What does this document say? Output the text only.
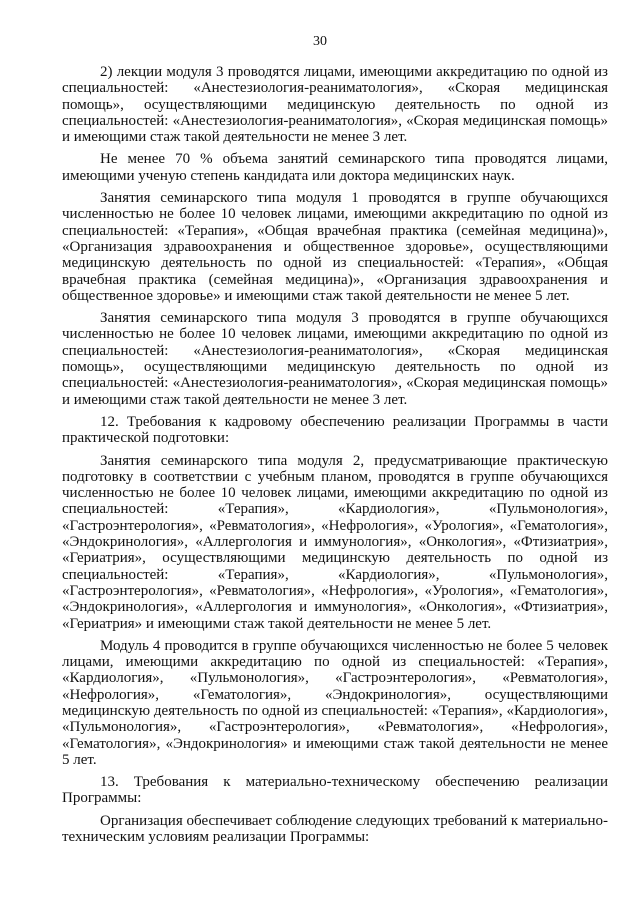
30

2) лекции модуля 3 проводятся лицами, имеющими аккредитацию по одной из специальностей: «Анестезиология-реаниматология», «Скорая медицинская помощь», осуществляющими медицинскую деятельность по одной из специальностей: «Анестезиология-реаниматология», «Скорая медицинская помощь» и имеющими стаж такой деятельности не менее 3 лет.

Не менее 70 % объема занятий семинарского типа проводятся лицами, имеющими ученую степень кандидата или доктора медицинских наук.

Занятия семинарского типа модуля 1 проводятся в группе обучающихся численностью не более 10 человек лицами, имеющими аккредитацию по одной из специальностей: «Терапия», «Общая врачебная практика (семейная медицина)», «Организация здравоохранения и общественное здоровье», осуществляющими медицинскую деятельность по одной из специальностей: «Терапия», «Общая врачебная практика (семейная медицина)», «Организация здравоохранения и общественное здоровье» и имеющими стаж такой деятельности не менее 5 лет.

Занятия семинарского типа модуля 3 проводятся в группе обучающихся численностью не более 10 человек лицами, имеющими аккредитацию по одной из специальностей: «Анестезиология-реаниматология», «Скорая медицинская помощь», осуществляющими медицинскую деятельность по одной из специальностей: «Анестезиология-реаниматология», «Скорая медицинская помощь» и имеющими стаж такой деятельности не менее 3 лет.

12. Требования к кадровому обеспечению реализации Программы в части практической подготовки:

Занятия семинарского типа модуля 2, предусматривающие практическую подготовку в соответствии с учебным планом, проводятся в группе обучающихся численностью не более 10 человек лицами, имеющими аккредитацию по одной из специальностей: «Терапия», «Кардиология», «Пульмонология», «Гастроэнтерология», «Ревматология», «Нефрология», «Урология», «Гематология», «Эндокринология», «Аллергология и иммунология», «Онкология», «Фтизиатрия», «Гериатрия», осуществляющими медицинскую деятельность по одной из специальностей: «Терапия», «Кардиология», «Пульмонология», «Гастроэнтерология», «Ревматология», «Нефрология», «Урология», «Гематология», «Эндокринология», «Аллергология и иммунология», «Онкология», «Фтизиатрия», «Гериатрия» и имеющими стаж такой деятельности не менее 5 лет.

Модуль 4 проводится в группе обучающихся численностью не более 5 человек лицами, имеющими аккредитацию по одной из специальностей: «Терапия», «Кардиология», «Пульмонология», «Гастроэнтерология», «Ревматология», «Нефрология», «Гематология», «Эндокринология», осуществляющими медицинскую деятельность по одной из специальностей: «Терапия», «Кардиология», «Пульмонология», «Гастроэнтерология», «Ревматология», «Нефрология», «Гематология», «Эндокринология» и имеющими стаж такой деятельности не менее 5 лет.

13. Требования к материально-техническому обеспечению реализации Программы:

Организация обеспечивает соблюдение следующих требований к материально-техническим условиям реализации Программы:
